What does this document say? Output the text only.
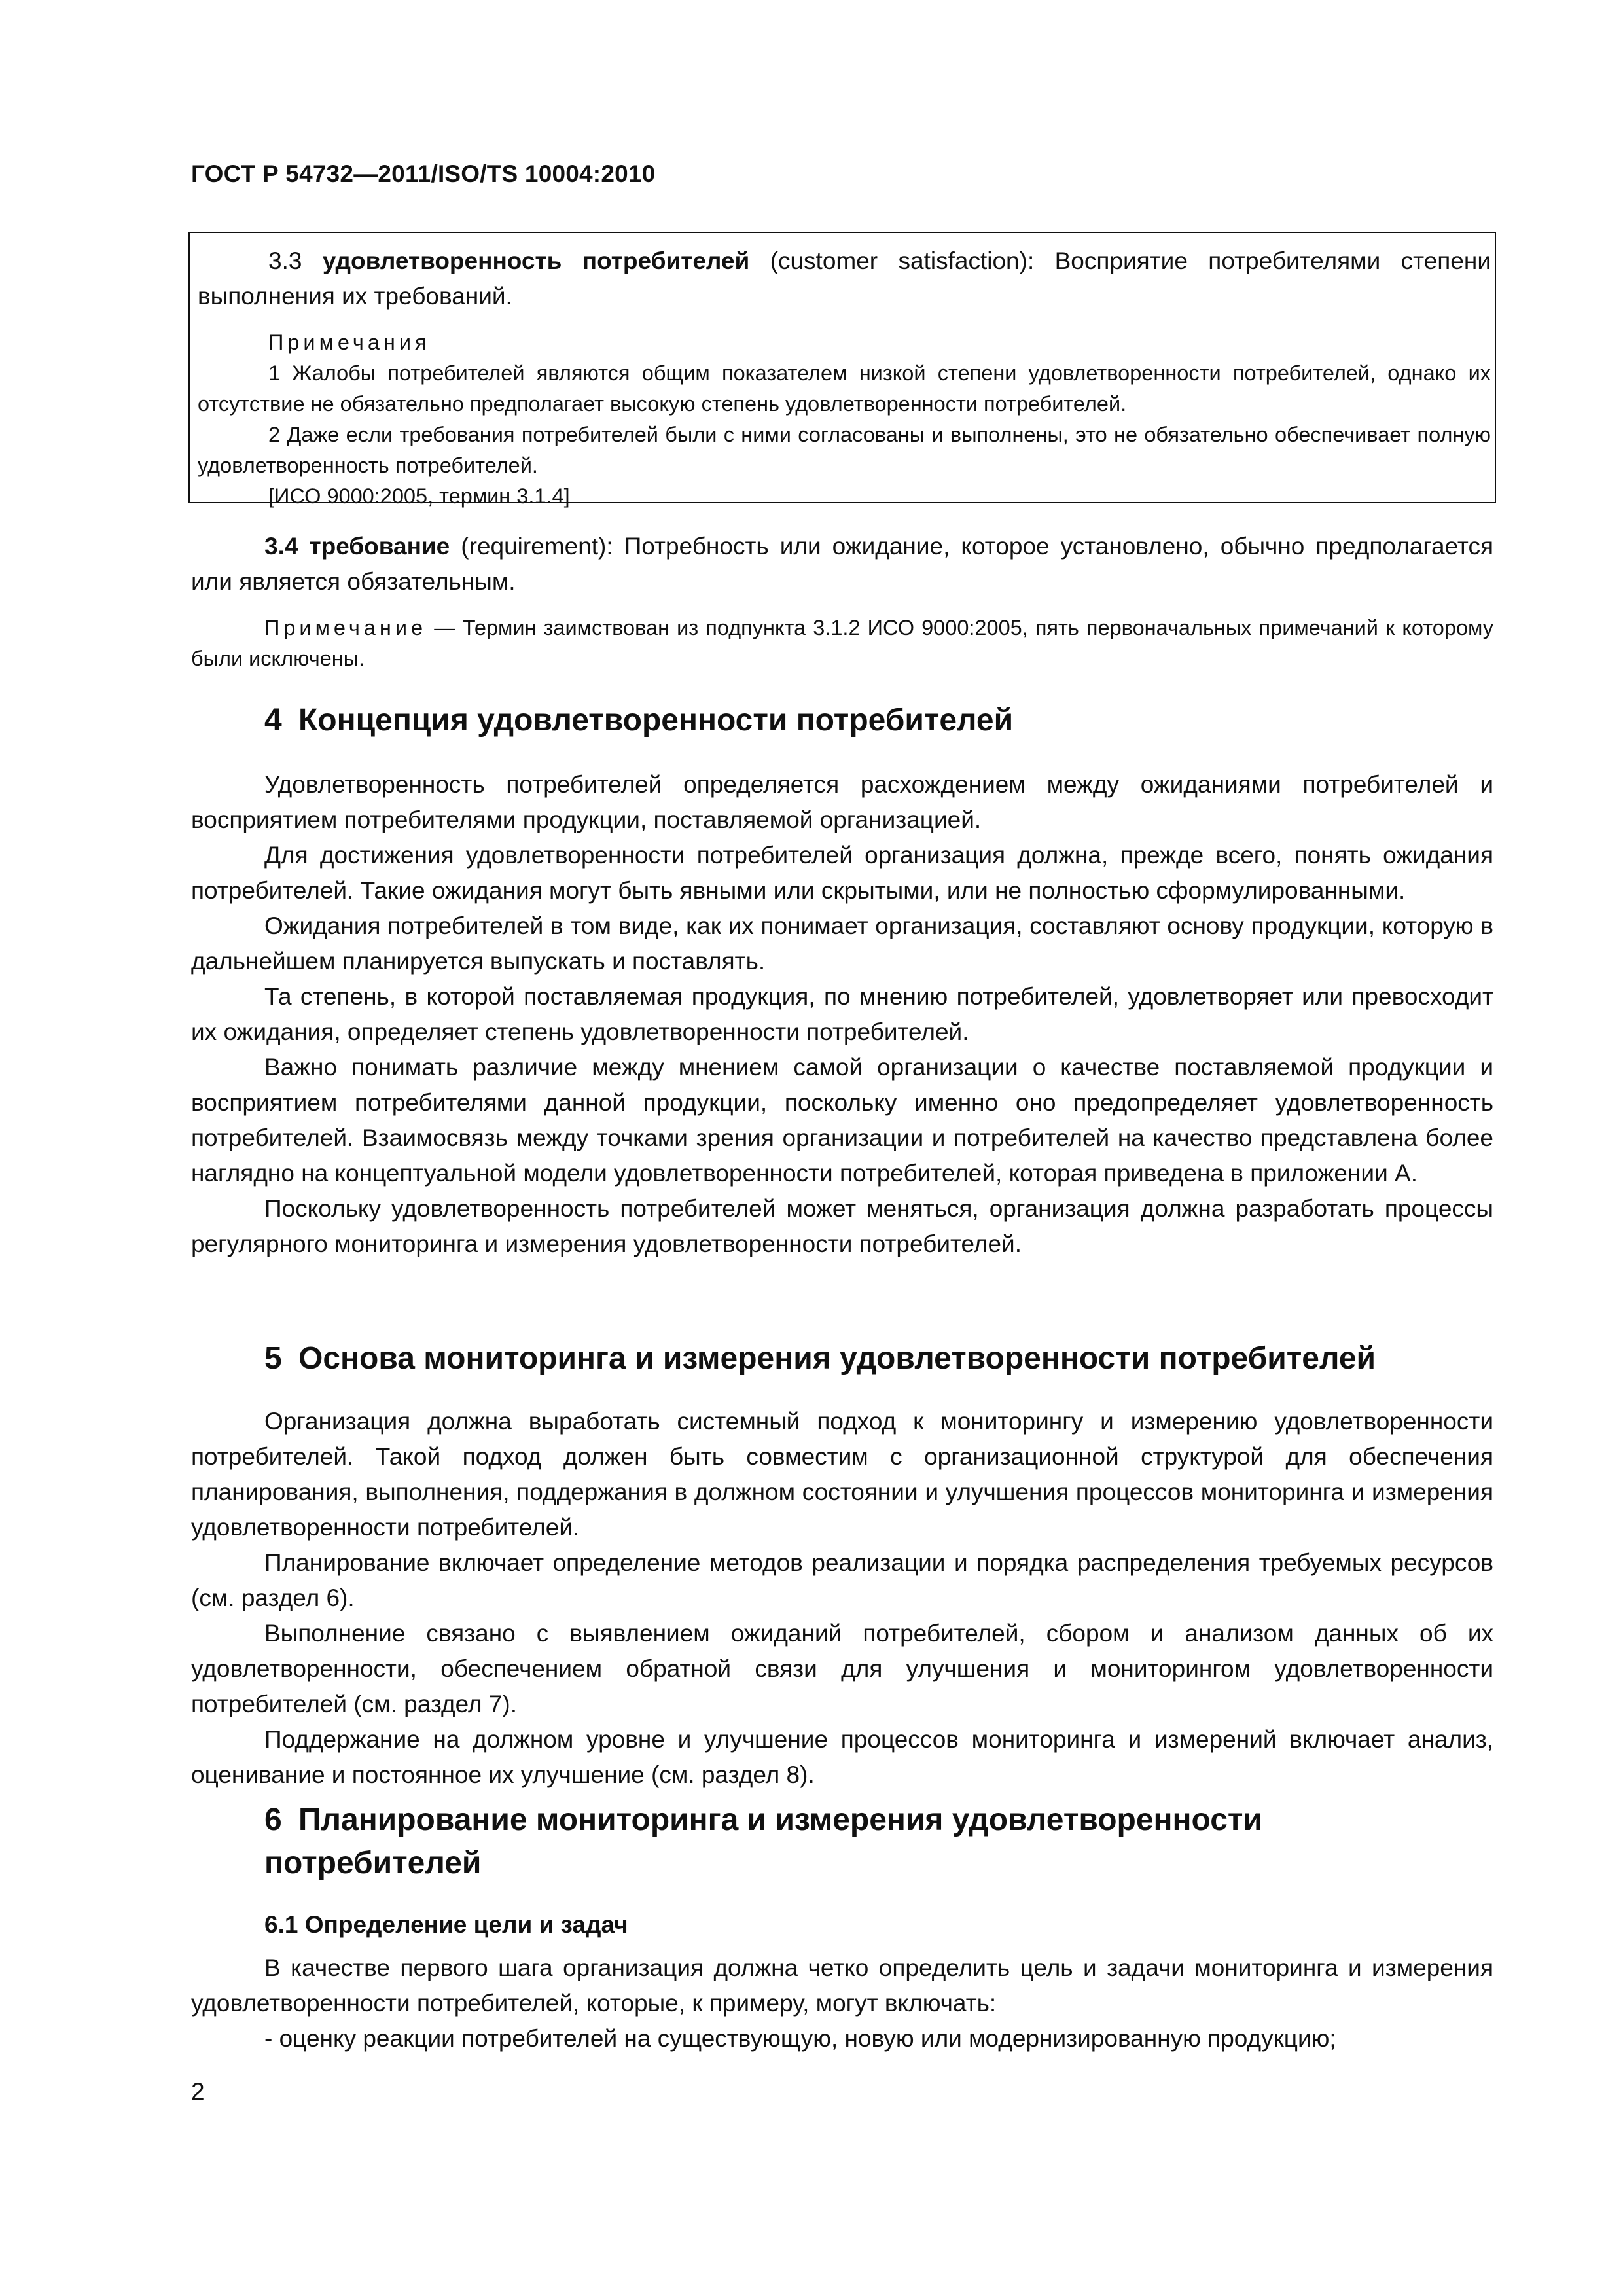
ГОСТ Р 54732—2011/ISO/TS 10004:2010

3.3 удовлетворенность потребителей (customer satisfaction): Восприятие потребителями степени выполнения их требований.

Примечания

1 Жалобы потребителей являются общим показателем низкой степени удовлетворенности потребителей, однако их отсутствие не обязательно предполагает высокую степень удовлетворенности потребителей.

2 Даже если требования потребителей были с ними согласованы и выполнены, это не обязательно обеспечивает полную удовлетворенность потребителей.

[ИСО 9000:2005, термин 3.1.4]

3.4 требование (requirement): Потребность или ожидание, которое установлено, обычно предполагается или является обязательным.

Примечание — Термин заимствован из подпункта 3.1.2 ИСО 9000:2005, пять первоначальных примечаний к которому были исключены.

4 Концепция удовлетворенности потребителей

Удовлетворенность потребителей определяется расхождением между ожиданиями потребителей и восприятием потребителями продукции, поставляемой организацией.

Для достижения удовлетворенности потребителей организация должна, прежде всего, понять ожидания потребителей. Такие ожидания могут быть явными или скрытыми, или не полностью сформулированными.

Ожидания потребителей в том виде, как их понимает организация, составляют основу продукции, которую в дальнейшем планируется выпускать и поставлять.

Та степень, в которой поставляемая продукция, по мнению потребителей, удовлетворяет или превосходит их ожидания, определяет степень удовлетворенности потребителей.

Важно понимать различие между мнением самой организации о качестве поставляемой продукции и восприятием потребителями данной продукции, поскольку именно оно предопределяет удовлетворенность потребителей. Взаимосвязь между точками зрения организации и потребителей на качество представлена более наглядно на концептуальной модели удовлетворенности потребителей, которая приведена в приложении А.

Поскольку удовлетворенность потребителей может меняться, организация должна разработать процессы регулярного мониторинга и измерения удовлетворенности потребителей.

5 Основа мониторинга и измерения удовлетворенности потребителей

Организация должна выработать системный подход к мониторингу и измерению удовлетворенности потребителей. Такой подход должен быть совместим с организационной структурой для обеспечения планирования, выполнения, поддержания в должном состоянии и улучшения процессов мониторинга и измерения удовлетворенности потребителей.

Планирование включает определение методов реализации и порядка распределения требуемых ресурсов (см. раздел 6).

Выполнение связано с выявлением ожиданий потребителей, сбором и анализом данных об их удовлетворенности, обеспечением обратной связи для улучшения и мониторингом удовлетворенности потребителей (см. раздел 7).

Поддержание на должном уровне и улучшение процессов мониторинга и измерений включает анализ, оценивание и постоянное их улучшение (см. раздел 8).

6 Планирование мониторинга и измерения удовлетворенности
потребителей
6.1 Определение цели и задач

В качестве первого шага организация должна четко определить цель и задачи мониторинга и измерения удовлетворенности потребителей, которые, к примеру, могут включать:

- оценку реакции потребителей на существующую, новую или модернизированную продукцию;

2
